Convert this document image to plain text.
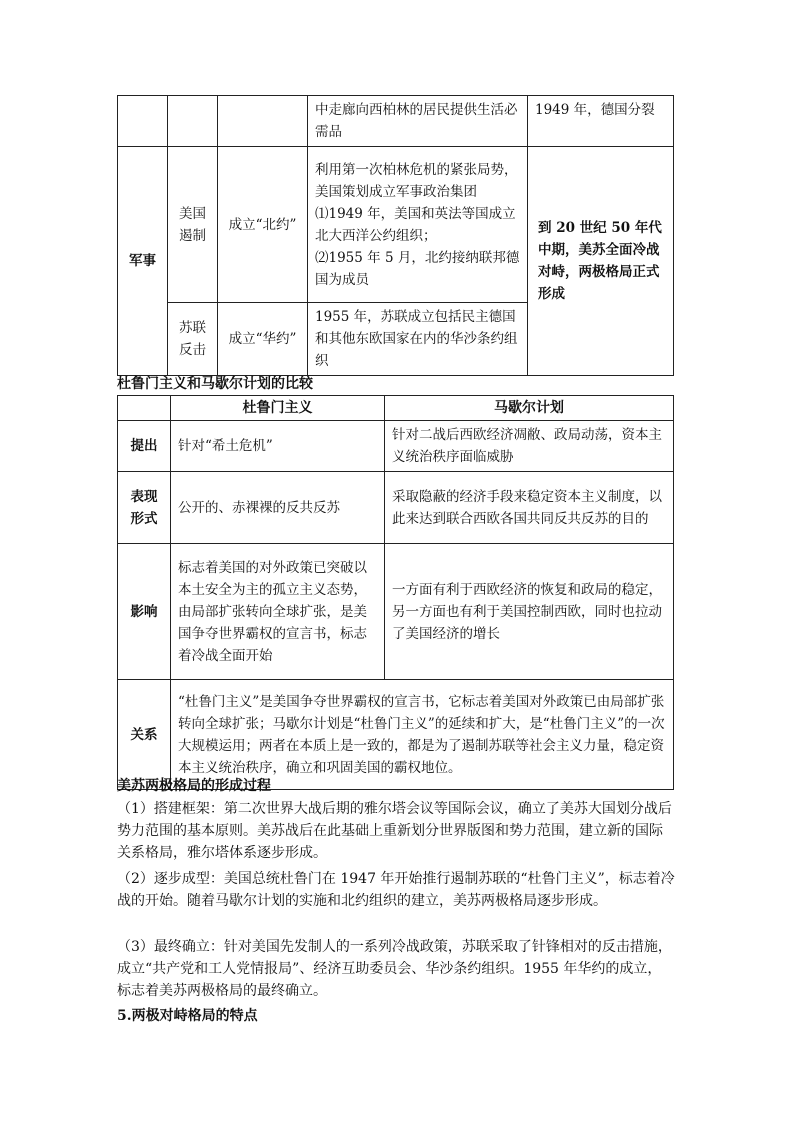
			中走廊向西柏林的居民提供生活必需品	1949 年，德国分裂
军事	美国遏制	成立“北约”	利用第一次柏林危机的紧张局势，美国策划成立军事政治集团
⑴1949 年，美国和英法等国成立北大西洋公约组织；
⑵1955 年 5 月，北约接纳联邦德国为成员	到 20 世纪 50 年代中期，美苏全面冷战对峙，两极格局正式形成
	苏联反击	成立“华约”	1955 年，苏联成立包括民主德国和其他东欧国家在内的华沙条约组织	
杜鲁门主义和马歇尔计划的比较
	杜鲁门主义	马歇尔计划
提出	针对“希土危机”	针对二战后西欧经济凋敝、政局动荡，资本主义统治秩序面临威胁
表现形式	公开的、赤裸裸的反共反苏	采取隐蔽的经济手段来稳定资本主义制度，以此来达到联合西欧各国共同反共反苏的目的
影响	标志着美国的对外政策已突破以本土安全为主的孤立主义态势，由局部扩张转向全球扩张，是美国争夺世界霸权的宣言书，标志着冷战全面开始	一方面有利于西欧经济的恢复和政局的稳定，另一方面也有利于美国控制西欧，同时也拉动了美国经济的增长
关系	“杜鲁门主义”是美国争夺世界霸权的宣言书，它标志着美国对外政策已由局部扩张转向全球扩张；马歇尔计划是“杜鲁门主义”的延续和扩大，是“杜鲁门主义”的一次大规模运用；两者在本质上是一致的，都是为了遏制苏联等社会主义力量，稳定资本主义统治秩序，确立和巩固美国的霸权地位。	
美苏两极格局的形成过程
（1）搭建框架：第二次世界大战后期的雅尔塔会议等国际会议，确立了美苏大国划分战后势力范围的基本原则。美苏战后在此基础上重新划分世界版图和势力范围，建立新的国际关系格局，雅尔塔体系逐步形成。
（2）逐步成型：美国总统杜鲁门在 1947 年开始推行遏制苏联的“杜鲁门主义”，标志着冷战的开始。随着马歇尔计划的实施和北约组织的建立，美苏两极格局逐步形成。
（3）最终确立：针对美国先发制人的一系列冷战政策，苏联采取了针锋相对的反击措施，成立“共产党和工人党情报局”、经济互助委员会、华沙条约组织。1955 年华约的成立，标志着美苏两极格局的最终确立。
5.两极对峙格局的特点
